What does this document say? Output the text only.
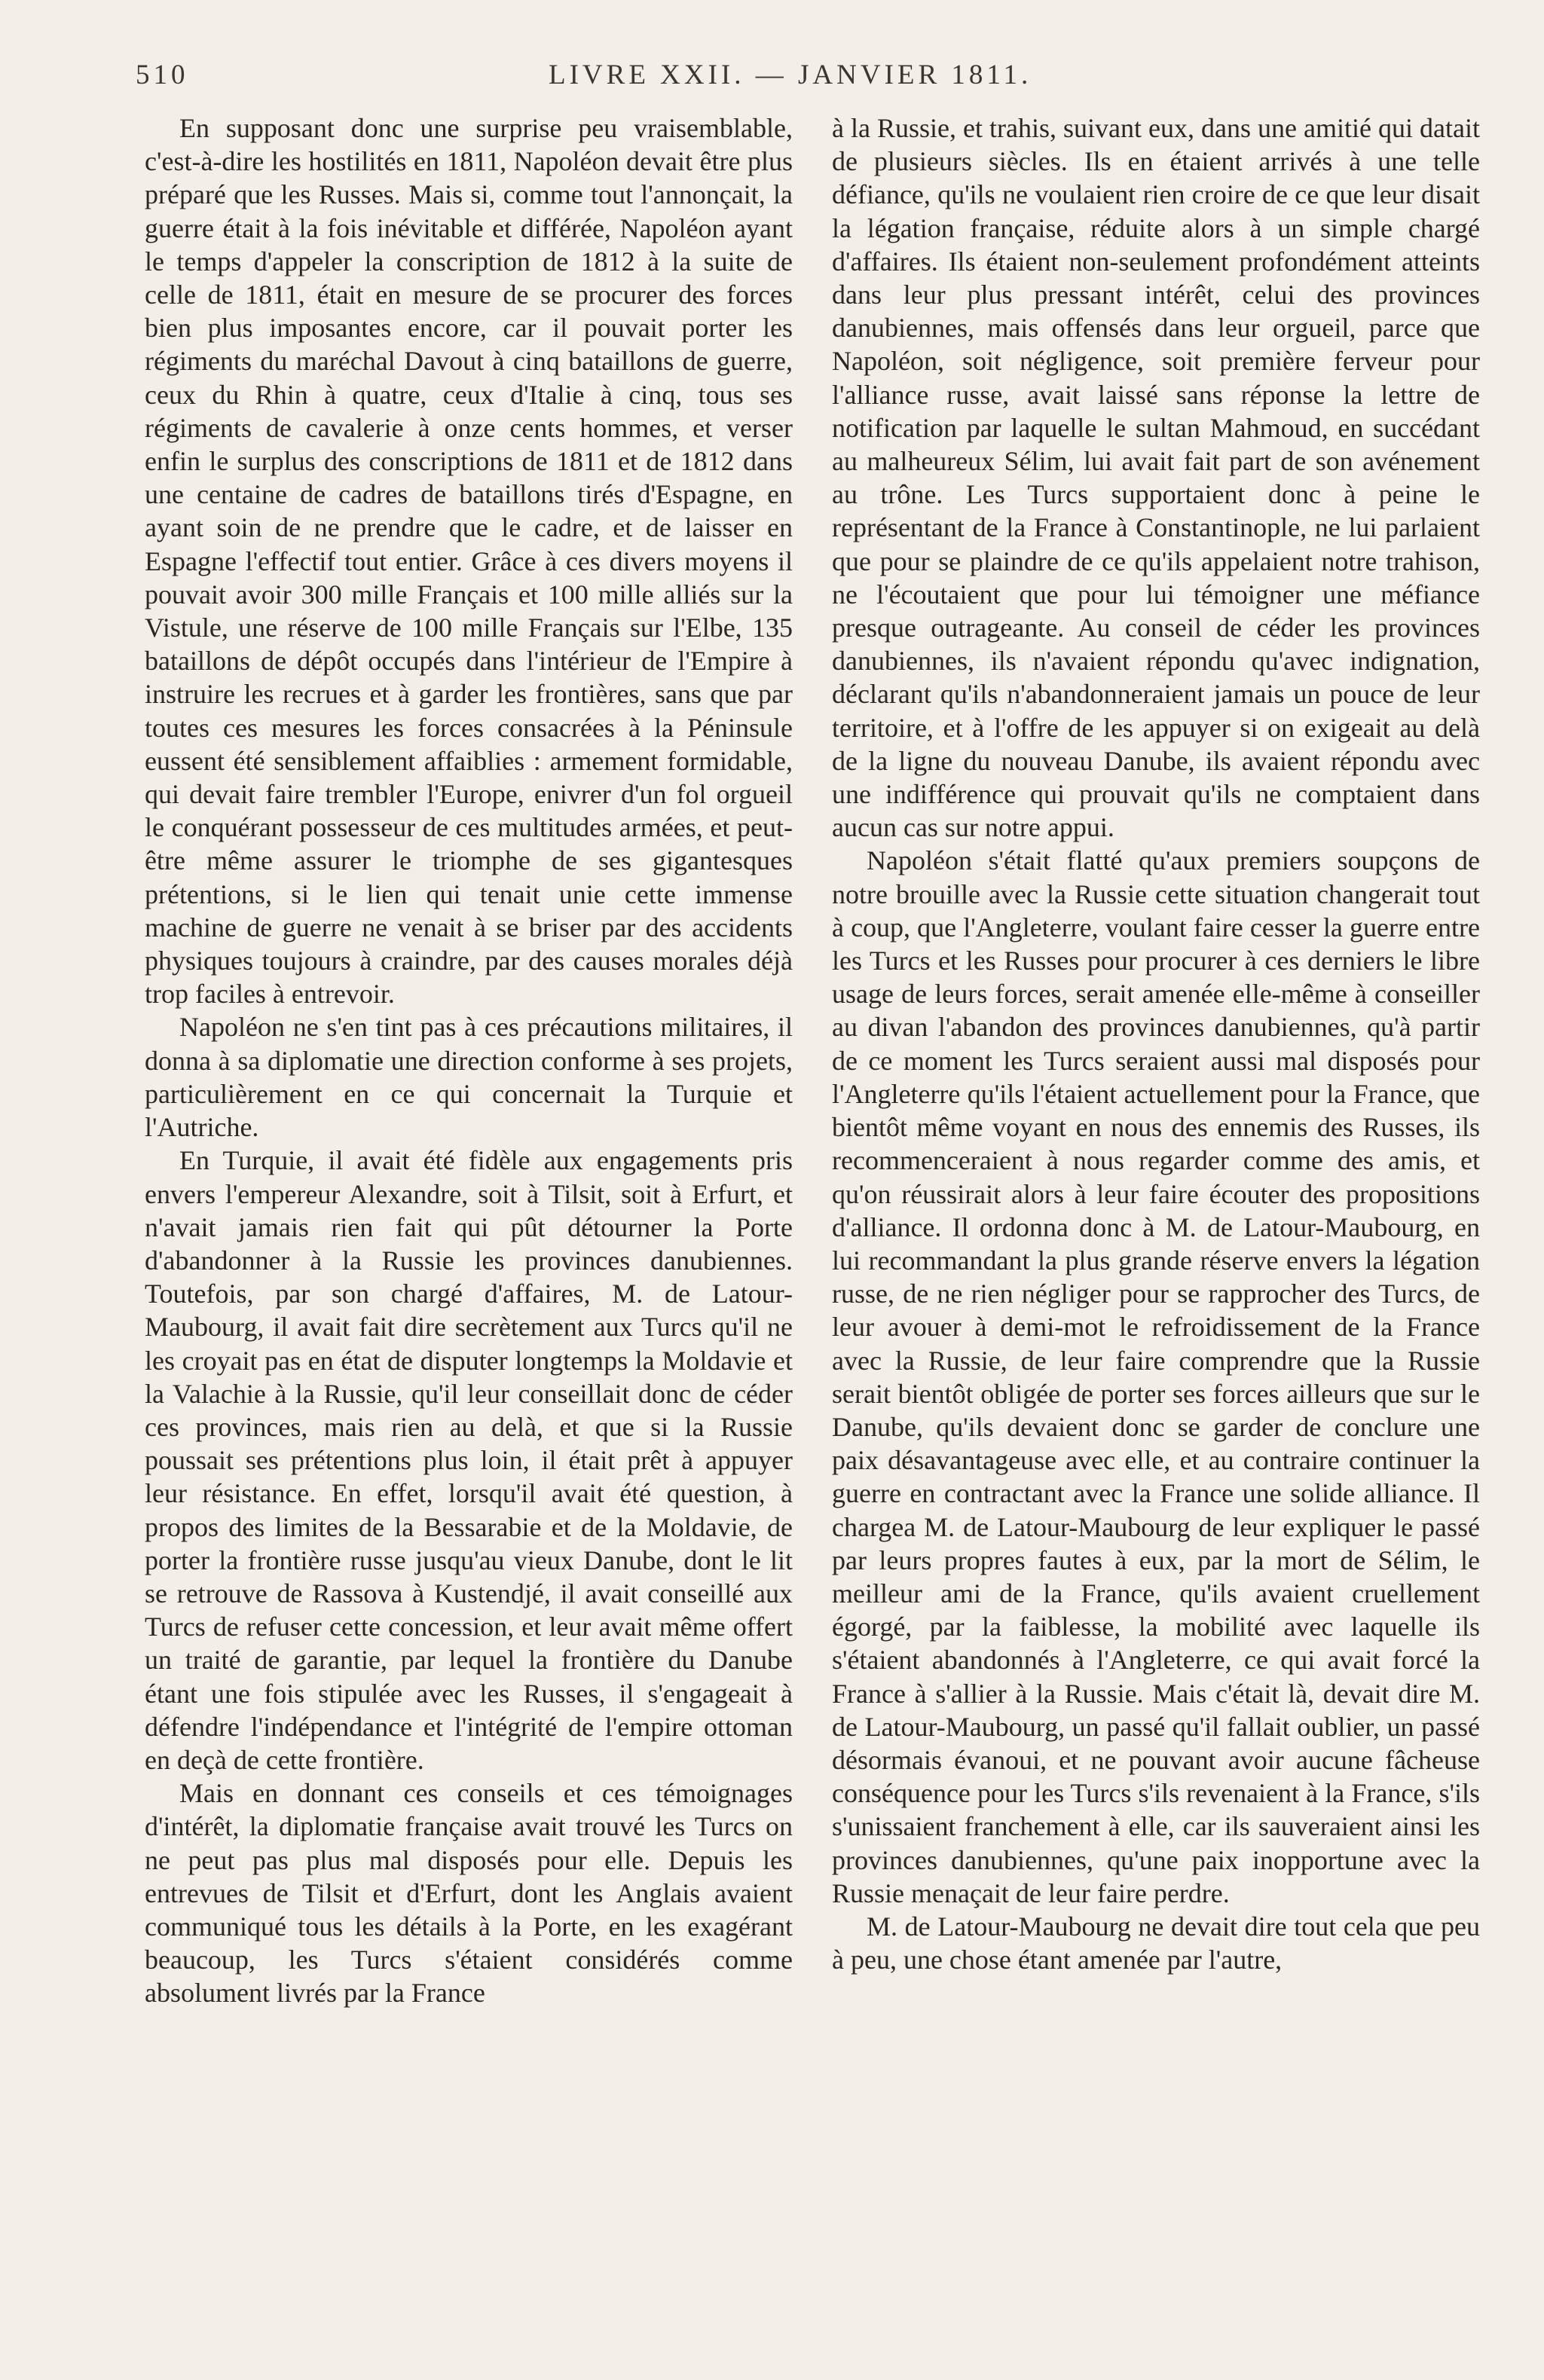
510	LIVRE XXII. — JANVIER 1811.

En supposant donc une surprise peu vraisemblable, c'est-à-dire les hostilités en 1811, Napoléon devait être plus préparé que les Russes. Mais si, comme tout l'annonçait, la guerre était à la fois inévitable et différée, Napoléon ayant le temps d'appeler la conscription de 1812 à la suite de celle de 1811, était en mesure de se procurer des forces bien plus imposantes encore, car il pouvait porter les régiments du maréchal Davout à cinq bataillons de guerre, ceux du Rhin à quatre, ceux d'Italie à cinq, tous ses régiments de cavalerie à onze cents hommes, et verser enfin le surplus des conscriptions de 1811 et de 1812 dans une centaine de cadres de bataillons tirés d'Espagne, en ayant soin de ne prendre que le cadre, et de laisser en Espagne l'effectif tout entier. Grâce à ces divers moyens il pouvait avoir 300 mille Français et 100 mille alliés sur la Vistule, une réserve de 100 mille Français sur l'Elbe, 135 bataillons de dépôt occupés dans l'intérieur de l'Empire à instruire les recrues et à garder les frontières, sans que par toutes ces mesures les forces consacrées à la Péninsule eussent été sensiblement affaiblies : armement formidable, qui devait faire trembler l'Europe, enivrer d'un fol orgueil le conquérant possesseur de ces multitudes armées, et peut-être même assurer le triomphe de ses gigantesques prétentions, si le lien qui tenait unie cette immense machine de guerre ne venait à se briser par des accidents physiques toujours à craindre, par des causes morales déjà trop faciles à entrevoir.

Napoléon ne s'en tint pas à ces précautions militaires, il donna à sa diplomatie une direction conforme à ses projets, particulièrement en ce qui concernait la Turquie et l'Autriche.

En Turquie, il avait été fidèle aux engagements pris envers l'empereur Alexandre, soit à Tilsit, soit à Erfurt, et n'avait jamais rien fait qui pût détourner la Porte d'abandonner à la Russie les provinces danubiennes. Toutefois, par son chargé d'affaires, M. de Latour-Maubourg, il avait fait dire secrètement aux Turcs qu'il ne les croyait pas en état de disputer longtemps la Moldavie et la Valachie à la Russie, qu'il leur conseillait donc de céder ces provinces, mais rien au delà, et que si la Russie poussait ses prétentions plus loin, il était prêt à appuyer leur résistance. En effet, lorsqu'il avait été question, à propos des limites de la Bessarabie et de la Moldavie, de porter la frontière russe jusqu'au vieux Danube, dont le lit se retrouve de Rassova à Kustendjé, il avait conseillé aux Turcs de refuser cette concession, et leur avait même offert un traité de garantie, par lequel la frontière du Danube étant une fois stipulée avec les Russes, il s'engageait à défendre l'indépendance et l'intégrité de l'empire ottoman en deçà de cette frontière.

Mais en donnant ces conseils et ces témoignages d'intérêt, la diplomatie française avait trouvé les Turcs on ne peut pas plus mal disposés pour elle. Depuis les entrevues de Tilsit et d'Erfurt, dont les Anglais avaient communiqué tous les détails à la Porte, en les exagérant beaucoup, les Turcs s'étaient considérés comme absolument livrés par la France

à la Russie, et trahis, suivant eux, dans une amitié qui datait de plusieurs siècles. Ils en étaient arrivés à une telle défiance, qu'ils ne voulaient rien croire de ce que leur disait la légation française, réduite alors à un simple chargé d'affaires. Ils étaient non-seulement profondément atteints dans leur plus pressant intérêt, celui des provinces danubiennes, mais offensés dans leur orgueil, parce que Napoléon, soit négligence, soit première ferveur pour l'alliance russe, avait laissé sans réponse la lettre de notification par laquelle le sultan Mahmoud, en succédant au malheureux Sélim, lui avait fait part de son avénement au trône. Les Turcs supportaient donc à peine le représentant de la France à Constantinople, ne lui parlaient que pour se plaindre de ce qu'ils appelaient notre trahison, ne l'écoutaient que pour lui témoigner une méfiance presque outrageante. Au conseil de céder les provinces danubiennes, ils n'avaient répondu qu'avec indignation, déclarant qu'ils n'abandonneraient jamais un pouce de leur territoire, et à l'offre de les appuyer si on exigeait au delà de la ligne du nouveau Danube, ils avaient répondu avec une indifférence qui prouvait qu'ils ne comptaient dans aucun cas sur notre appui.

Napoléon s'était flatté qu'aux premiers soupçons de notre brouille avec la Russie cette situation changerait tout à coup, que l'Angleterre, voulant faire cesser la guerre entre les Turcs et les Russes pour procurer à ces derniers le libre usage de leurs forces, serait amenée elle-même à conseiller au divan l'abandon des provinces danubiennes, qu'à partir de ce moment les Turcs seraient aussi mal disposés pour l'Angleterre qu'ils l'étaient actuellement pour la France, que bientôt même voyant en nous des ennemis des Russes, ils recommenceraient à nous regarder comme des amis, et qu'on réussirait alors à leur faire écouter des propositions d'alliance. Il ordonna donc à M. de Latour-Maubourg, en lui recommandant la plus grande réserve envers la légation russe, de ne rien négliger pour se rapprocher des Turcs, de leur avouer à demi-mot le refroidissement de la France avec la Russie, de leur faire comprendre que la Russie serait bientôt obligée de porter ses forces ailleurs que sur le Danube, qu'ils devaient donc se garder de conclure une paix désavantageuse avec elle, et au contraire continuer la guerre en contractant avec la France une solide alliance. Il chargea M. de Latour-Maubourg de leur expliquer le passé par leurs propres fautes à eux, par la mort de Sélim, le meilleur ami de la France, qu'ils avaient cruellement égorgé, par la faiblesse, la mobilité avec laquelle ils s'étaient abandonnés à l'Angleterre, ce qui avait forcé la France à s'allier à la Russie. Mais c'était là, devait dire M. de Latour-Maubourg, un passé qu'il fallait oublier, un passé désormais évanoui, et ne pouvant avoir aucune fâcheuse conséquence pour les Turcs s'ils revenaient à la France, s'ils s'unissaient franchement à elle, car ils sauveraient ainsi les provinces danubiennes, qu'une paix inopportune avec la Russie menaçait de leur faire perdre.

M. de Latour-Maubourg ne devait dire tout cela que peu à peu, une chose étant amenée par l'autre,
